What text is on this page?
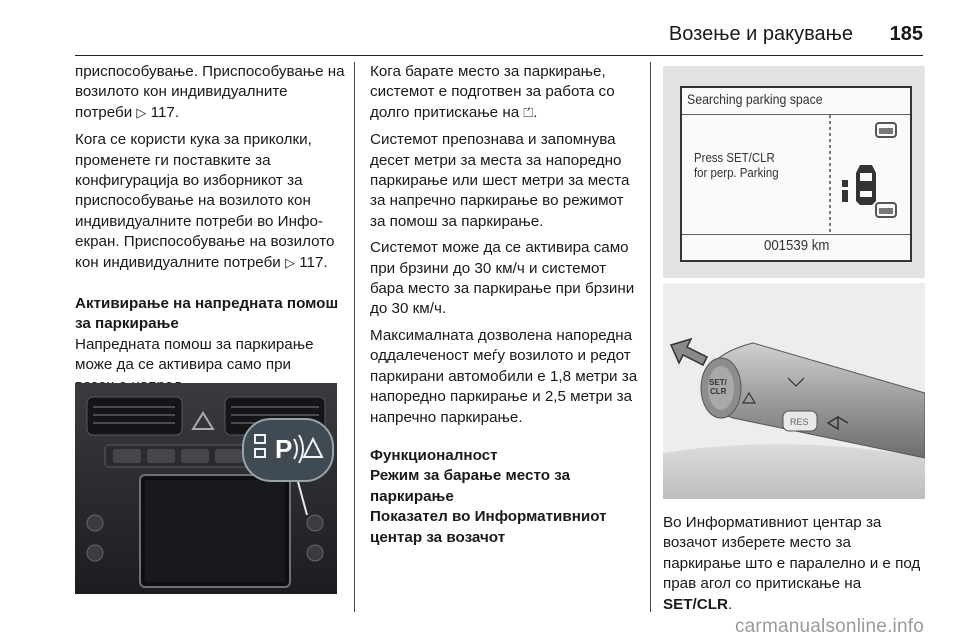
Возење и ракување 185

приспособување. Приспособување на возилото кон индивидуалните потреби ▷ 117.

Кога се користи кука за приколки, променете ги поставките за конфигурација во изборникот за приспособување на возилото кон индивидуалните потреби во Инфо-екран. Приспособување на возилото кон индивидуалните потреби ▷ 117.

Активирање на напредната помош за паркирање

Напредната помош за паркирање може да се активира само при

Кога барате место за паркирање, системот е подготвен за работа со долго притискање на ⏍.

Системот препознава и запомнува десет метри за места за напоредно паркирање или шест метри за места за напречно паркирање во режимот за помош за паркирање.

Системот може да се активира само при брзини до 30 км/ч и системот бара место за паркирање при брзини до 30 км/ч.

Максималната дозволена напоредна оддалеченост меѓу возилото и редот паркирани автомобили е 1,8 метри за напоредно паркирање и 2,5 метри за напречно паркирање.

Функционалност

Режим за барање место за паркирање

Показател во Информативниот центар за возачот

Во Информативниот центар за возачот изберете место за паркирање што е паралелно и е под прав агол со притискање на SET/CLR.

P
Searching parking space
Press SET/CLR
for perp. Parking
001539 km
SET/
CLR
RES
carmanualsonline.info
